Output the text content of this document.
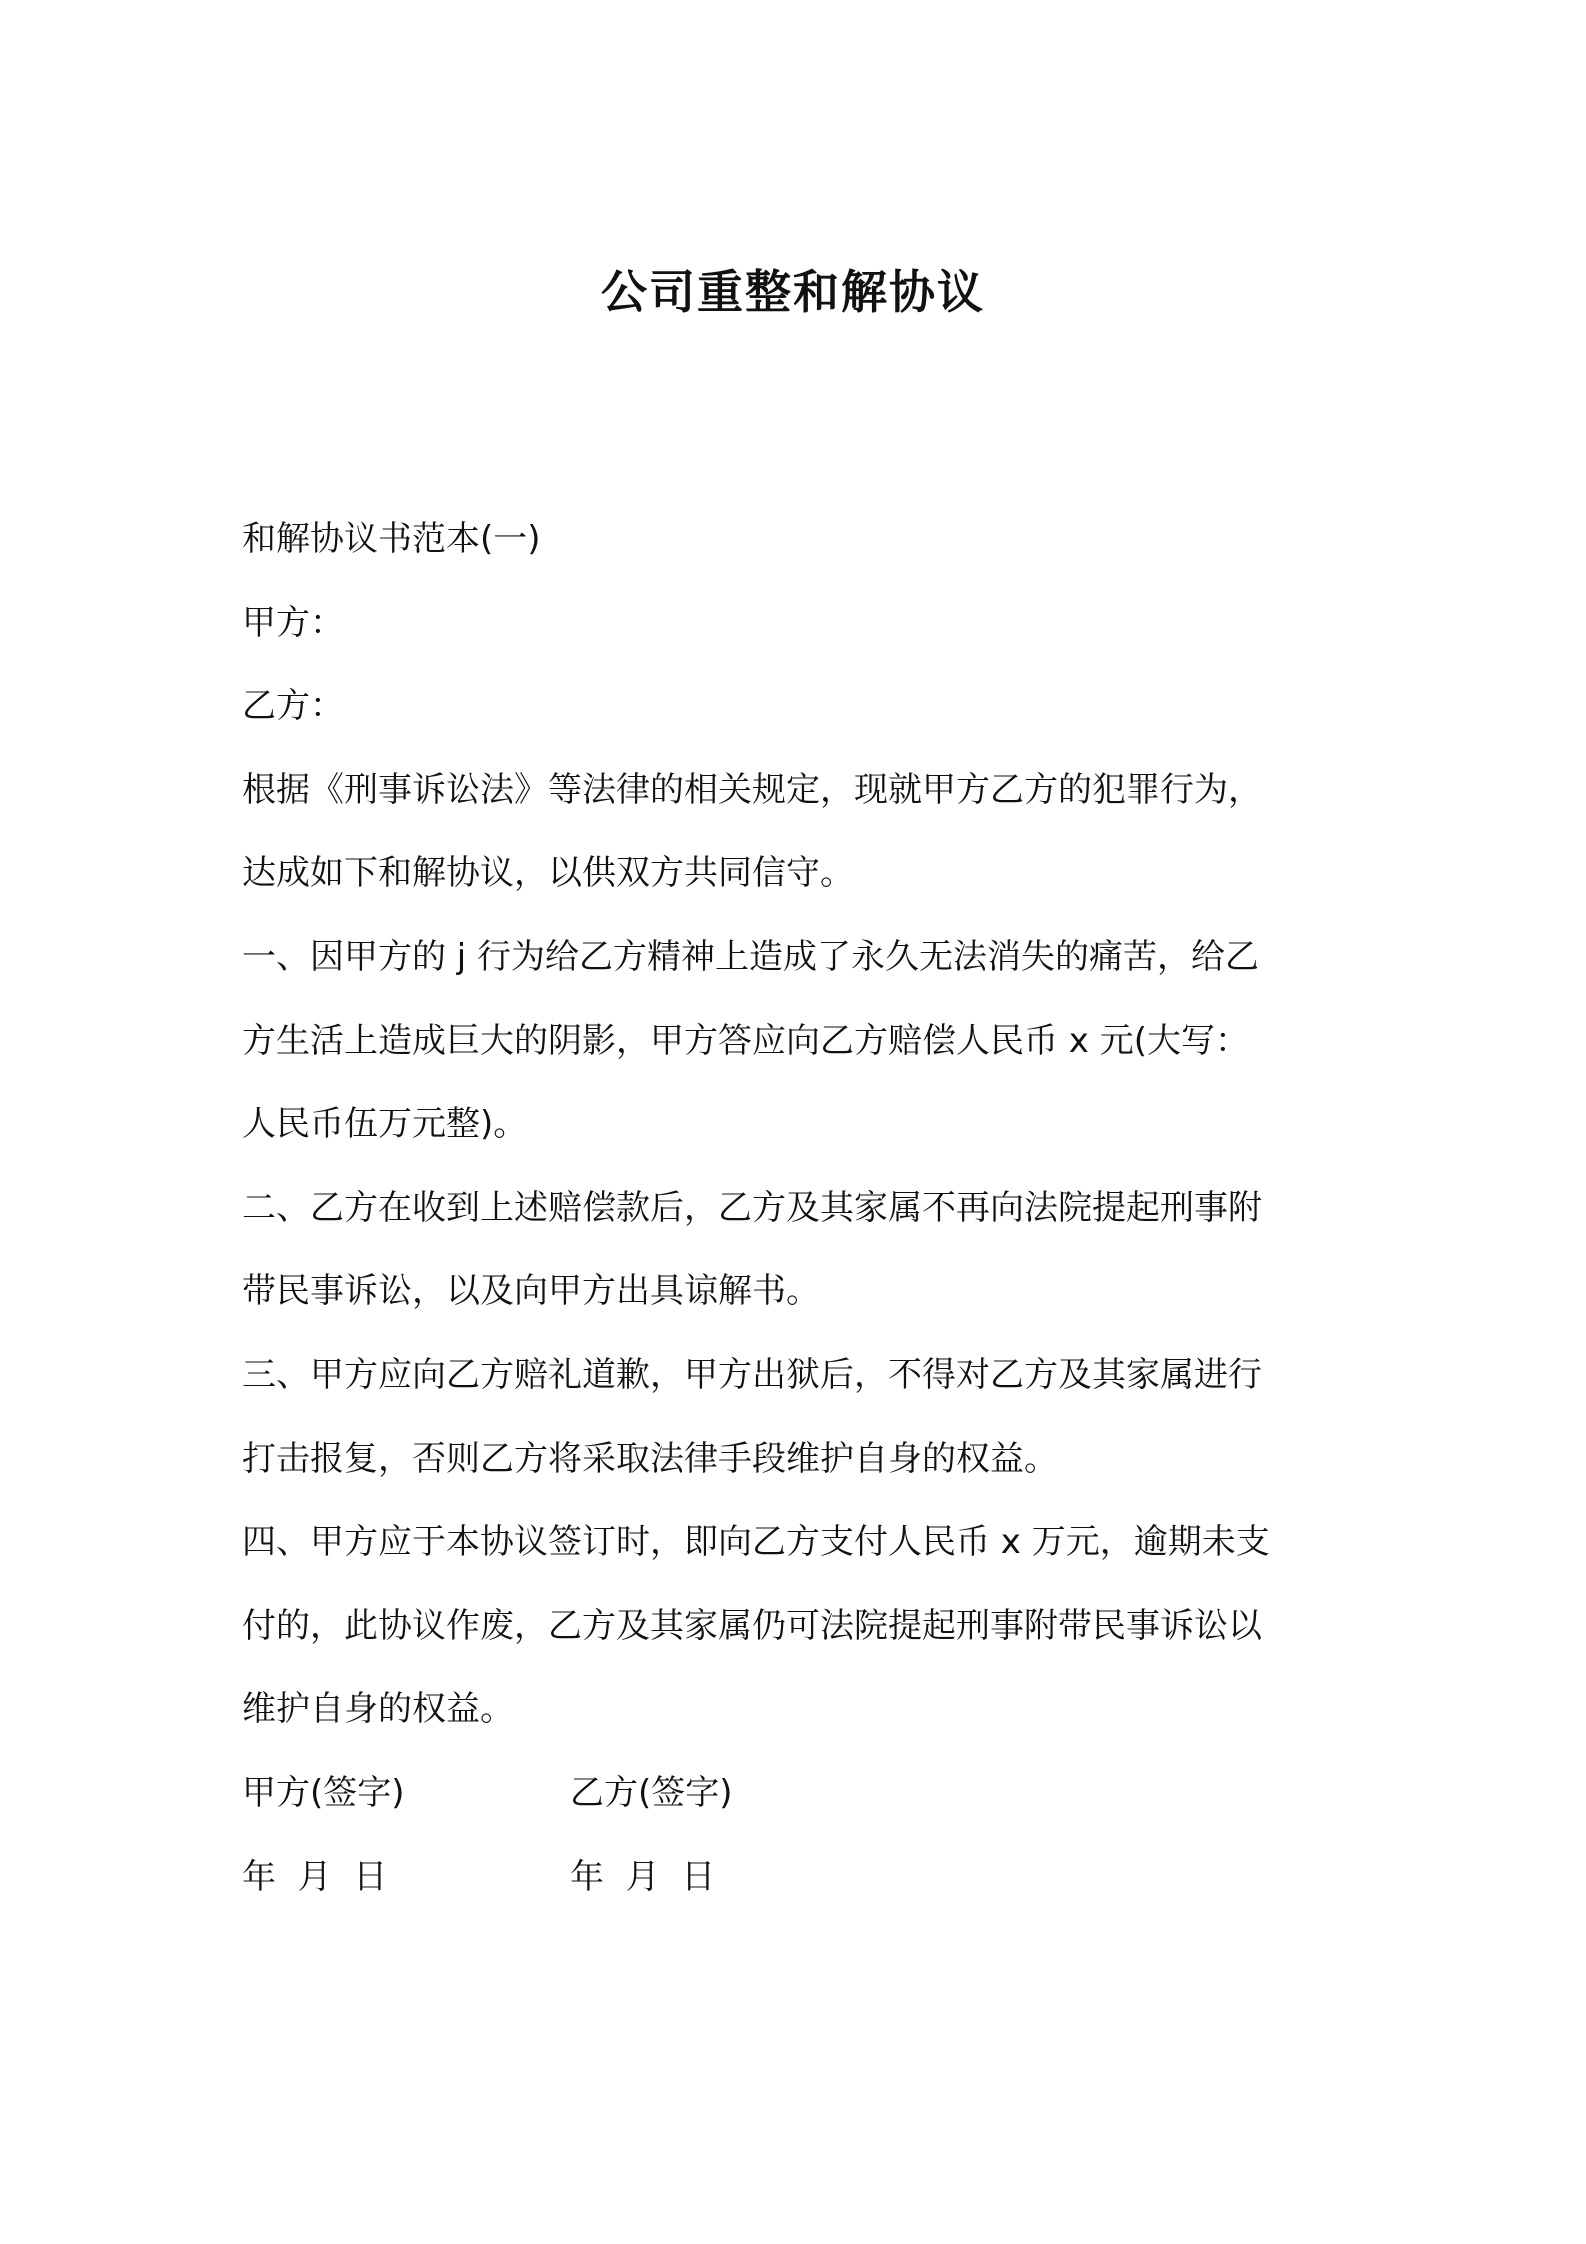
公司重整和解协议
和解协议书范本(一)
甲方：
乙方：
根据《刑事诉讼法》等法律的相关规定，现就甲方乙方的犯罪行为，
达成如下和解协议，以供双方共同信守。
一、因甲方的 j 行为给乙方精神上造成了永久无法消失的痛苦，给乙
方生活上造成巨大的阴影，甲方答应向乙方赔偿人民币 x 元(大写：
人民币伍万元整)。
二、乙方在收到上述赔偿款后，乙方及其家属不再向法院提起刑事附
带民事诉讼，以及向甲方出具谅解书。
三、甲方应向乙方赔礼道歉，甲方出狱后，不得对乙方及其家属进行
打击报复，否则乙方将采取法律手段维护自身的权益。
四、甲方应于本协议签订时，即向乙方支付人民币 x 万元，逾期未支
付的，此协议作废，乙方及其家属仍可法院提起刑事附带民事诉讼以
维护自身的权益。
甲方(签字)	乙方(签字)
年  月  日	年  月  日
